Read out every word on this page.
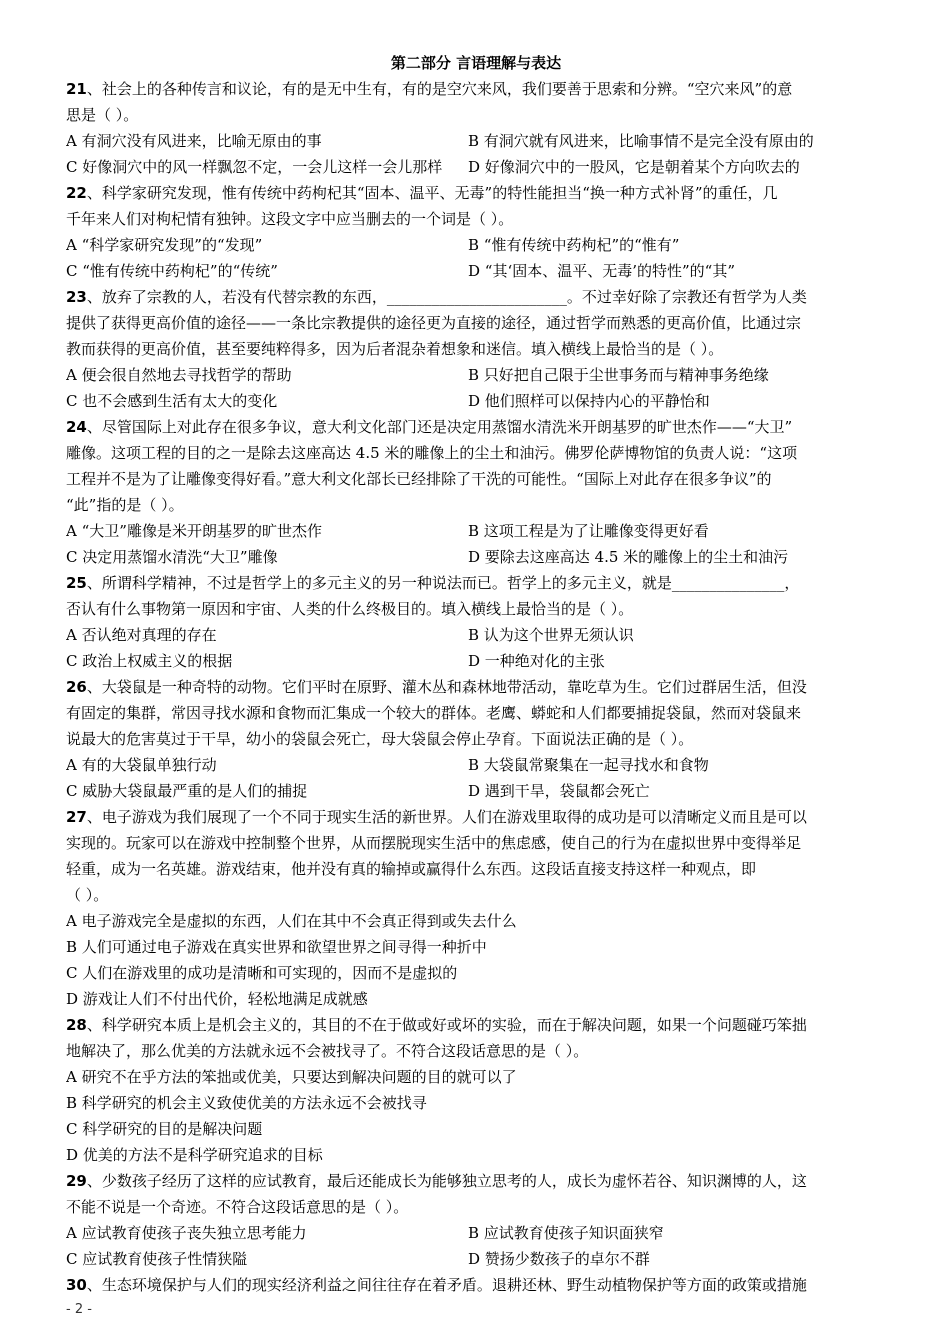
第二部分 言语理解与表达
21、社会上的各种传言和议论，有的是无中生有，有的是空穴来风，我们要善于思索和分辨。“空穴来风”的意
思是（ ）。
A 有洞穴没有风进来，比喻无原由的事	B 有洞穴就有风进来，比喻事情不是完全没有原由的
C 好像洞穴中的风一样飘忽不定，一会儿这样一会儿那样	D 好像洞穴中的一股风，它是朝着某个方向吹去的
22、科学家研究发现，惟有传统中药枸杞其“固本、温平、无毒”的特性能担当“换一种方式补肾”的重任，几
千年来人们对枸杞情有独钟。这段文字中应当删去的一个词是（ ）。
A “科学家研究发现”的“发现”	B “惟有传统中药枸杞”的“惟有”
C “惟有传统中药枸杞”的“传统”	D “其‘固本、温平、无毒’的特性”的“其”
23、放弃了宗教的人，若没有代替宗教的东西，________________________。不过幸好除了宗教还有哲学为人类
提供了获得更高价值的途径——一条比宗教提供的途径更为直接的途径，通过哲学而熟悉的更高价值，比通过宗
教而获得的更高价值，甚至要纯粹得多，因为后者混杂着想象和迷信。填入横线上最恰当的是（ ）。
A 便会很自然地去寻找哲学的帮助	B 只好把自己限于尘世事务而与精神事务绝缘
C 也不会感到生活有太大的变化	D 他们照样可以保持内心的平静怡和
24、尽管国际上对此存在很多争议，意大利文化部门还是决定用蒸馏水清洗米开朗基罗的旷世杰作——“大卫”
雕像。这项工程的目的之一是除去这座高达 4.5 米的雕像上的尘土和油污。佛罗伦萨博物馆的负责人说：“这项
工程并不是为了让雕像变得好看。”意大利文化部长已经排除了干洗的可能性。“国际上对此存在很多争议”的
“此”指的是（ ）。
A “大卫”雕像是米开朗基罗的旷世杰作	B 这项工程是为了让雕像变得更好看
C 决定用蒸馏水清洗“大卫”雕像	D 要除去这座高达 4.5 米的雕像上的尘土和油污
25、所谓科学精神，不过是哲学上的多元主义的另一种说法而已。哲学上的多元主义，就是_______________，
否认有什么事物第一原因和宇宙、人类的什么终极目的。填入横线上最恰当的是（ ）。
A 否认绝对真理的存在	B 认为这个世界无须认识
C 政治上权威主义的根据	D 一种绝对化的主张
26、大袋鼠是一种奇特的动物。它们平时在原野、灌木丛和森林地带活动，靠吃草为生。它们过群居生活，但没
有固定的集群，常因寻找水源和食物而汇集成一个较大的群体。老鹰、蟒蛇和人们都要捕捉袋鼠，然而对袋鼠来
说最大的危害莫过于干旱，幼小的袋鼠会死亡，母大袋鼠会停止孕育。下面说法正确的是（ ）。
A 有的大袋鼠单独行动	B 大袋鼠常聚集在一起寻找水和食物
C 威胁大袋鼠最严重的是人们的捕捉	D 遇到干旱，袋鼠都会死亡
27、电子游戏为我们展现了一个不同于现实生活的新世界。人们在游戏里取得的成功是可以清晰定义而且是可以
实现的。玩家可以在游戏中控制整个世界，从而摆脱现实生活中的焦虑感，使自己的行为在虚拟世界中变得举足
轻重，成为一名英雄。游戏结束，他并没有真的输掉或赢得什么东西。这段话直接支持这样一种观点，即
（ ）。
A 电子游戏完全是虚拟的东西，人们在其中不会真正得到或失去什么
B 人们可通过电子游戏在真实世界和欲望世界之间寻得一种折中
C 人们在游戏里的成功是清晰和可实现的，因而不是虚拟的
D 游戏让人们不付出代价，轻松地满足成就感
28、科学研究本质上是机会主义的，其目的不在于做或好或坏的实验，而在于解决问题，如果一个问题碰巧笨拙
地解决了，那么优美的方法就永远不会被找寻了。不符合这段话意思的是（ ）。
A 研究不在乎方法的笨拙或优美，只要达到解决问题的目的就可以了
B 科学研究的机会主义致使优美的方法永远不会被找寻
C 科学研究的目的是解决问题
D 优美的方法不是科学研究追求的目标
29、少数孩子经历了这样的应试教育，最后还能成长为能够独立思考的人，成长为虚怀若谷、知识渊博的人，这
不能不说是一个奇迹。不符合这段话意思的是（ ）。
A 应试教育使孩子丧失独立思考能力	B 应试教育使孩子知识面狭窄
C 应试教育使孩子性情狭隘	D 赞扬少数孩子的卓尔不群
30、生态环境保护与人们的现实经济利益之间往往存在着矛盾。退耕还林、野生动植物保护等方面的政策或措施
- 2 -
